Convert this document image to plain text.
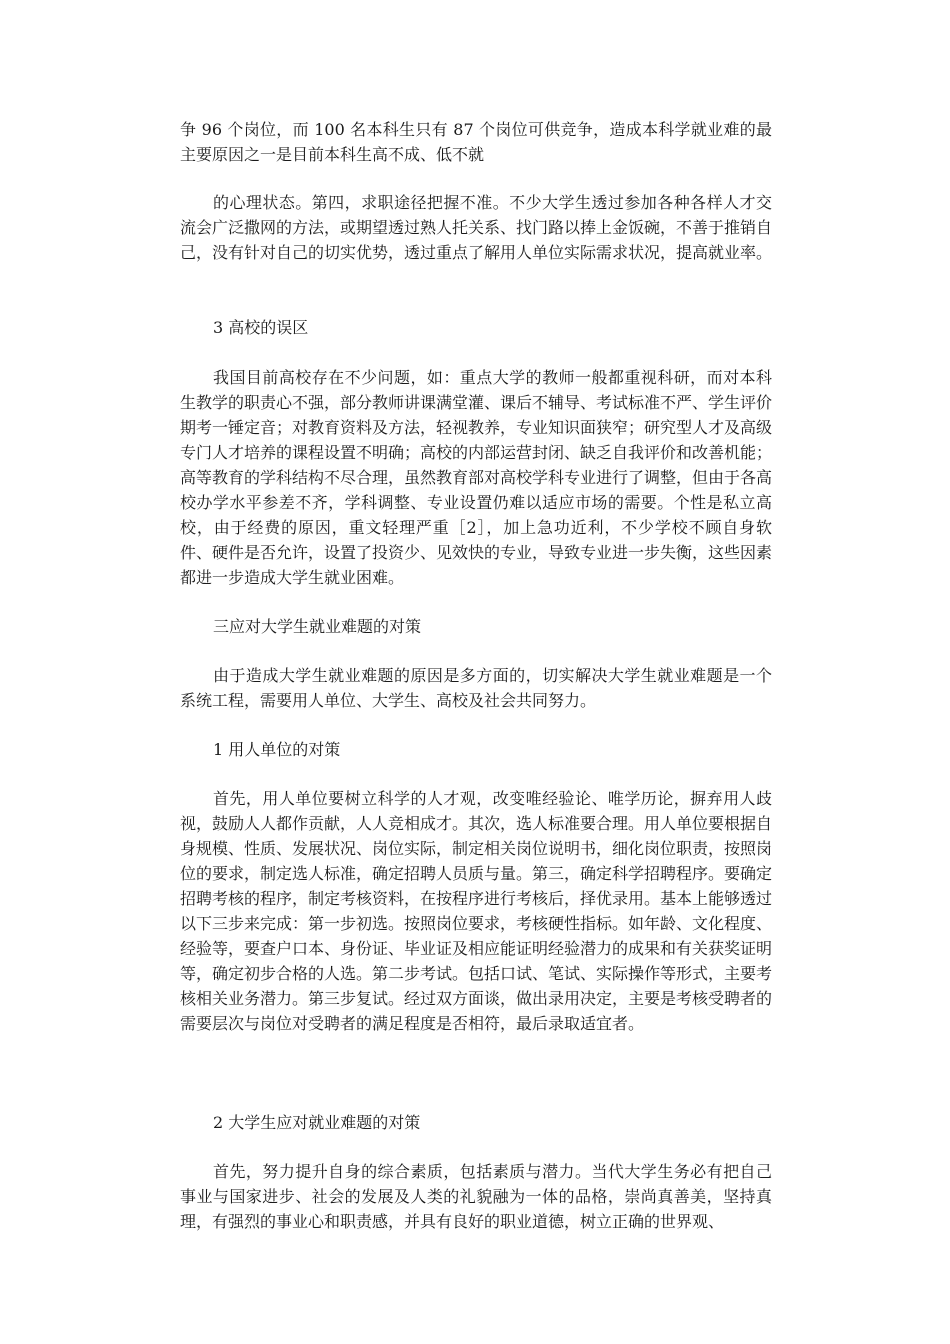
争 96 个岗位，而 100 名本科生只有 87 个岗位可供竞争，造成本科学就业难的最主要原因之一是目前本科生高不成、低不就

的心理状态。第四，求职途径把握不准。不少大学生透过参加各种各样人才交流会广泛撒网的方法，或期望透过熟人托关系、找门路以捧上金饭碗，不善于推销自己，没有针对自己的切实优势，透过重点了解用人单位实际需求状况，提高就业率。

3 高校的误区

我国目前高校存在不少问题，如：重点大学的教师一般都重视科研，而对本科生教学的职责心不强，部分教师讲课满堂灌、课后不辅导、考试标准不严、学生评价期考一锤定音；对教育资料及方法，轻视教养，专业知识面狭窄；研究型人才及高级专门人才培养的课程设置不明确；高校的内部运营封闭、缺乏自我评价和改善机能；高等教育的学科结构不尽合理，虽然教育部对高校学科专业进行了调整，但由于各高校办学水平参差不齐，学科调整、专业设置仍难以适应市场的需要。个性是私立高校，由于经费的原因，重文轻理严重［2］，加上急功近利，不少学校不顾自身软件、硬件是否允许，设置了投资少、见效快的专业，导致专业进一步失衡，这些因素都进一步造成大学生就业困难。

三应对大学生就业难题的对策

由于造成大学生就业难题的原因是多方面的，切实解决大学生就业难题是一个系统工程，需要用人单位、大学生、高校及社会共同努力。

1 用人单位的对策

首先，用人单位要树立科学的人才观，改变唯经验论、唯学历论，摒弃用人歧视，鼓励人人都作贡献，人人竞相成才。其次，选人标准要合理。用人单位要根据自身规模、性质、发展状况、岗位实际，制定相关岗位说明书，细化岗位职责，按照岗位的要求，制定选人标准，确定招聘人员质与量。第三，确定科学招聘程序。要确定招聘考核的程序，制定考核资料，在按程序进行考核后，择优录用。基本上能够透过以下三步来完成：第一步初选。按照岗位要求，考核硬性指标。如年龄、文化程度、经验等，要查户口本、身份证、毕业证及相应能证明经验潜力的成果和有关获奖证明等，确定初步合格的人选。第二步考试。包括口试、笔试、实际操作等形式，主要考核相关业务潜力。第三步复试。经过双方面谈，做出录用决定，主要是考核受聘者的需要层次与岗位对受聘者的满足程度是否相符，最后录取适宜者。

2 大学生应对就业难题的对策

首先，努力提升自身的综合素质，包括素质与潜力。当代大学生务必有把自己事业与国家进步、社会的发展及人类的礼貌融为一体的品格，崇尚真善美，坚持真理，有强烈的事业心和职责感，并具有良好的职业道德，树立正确的世界观、
